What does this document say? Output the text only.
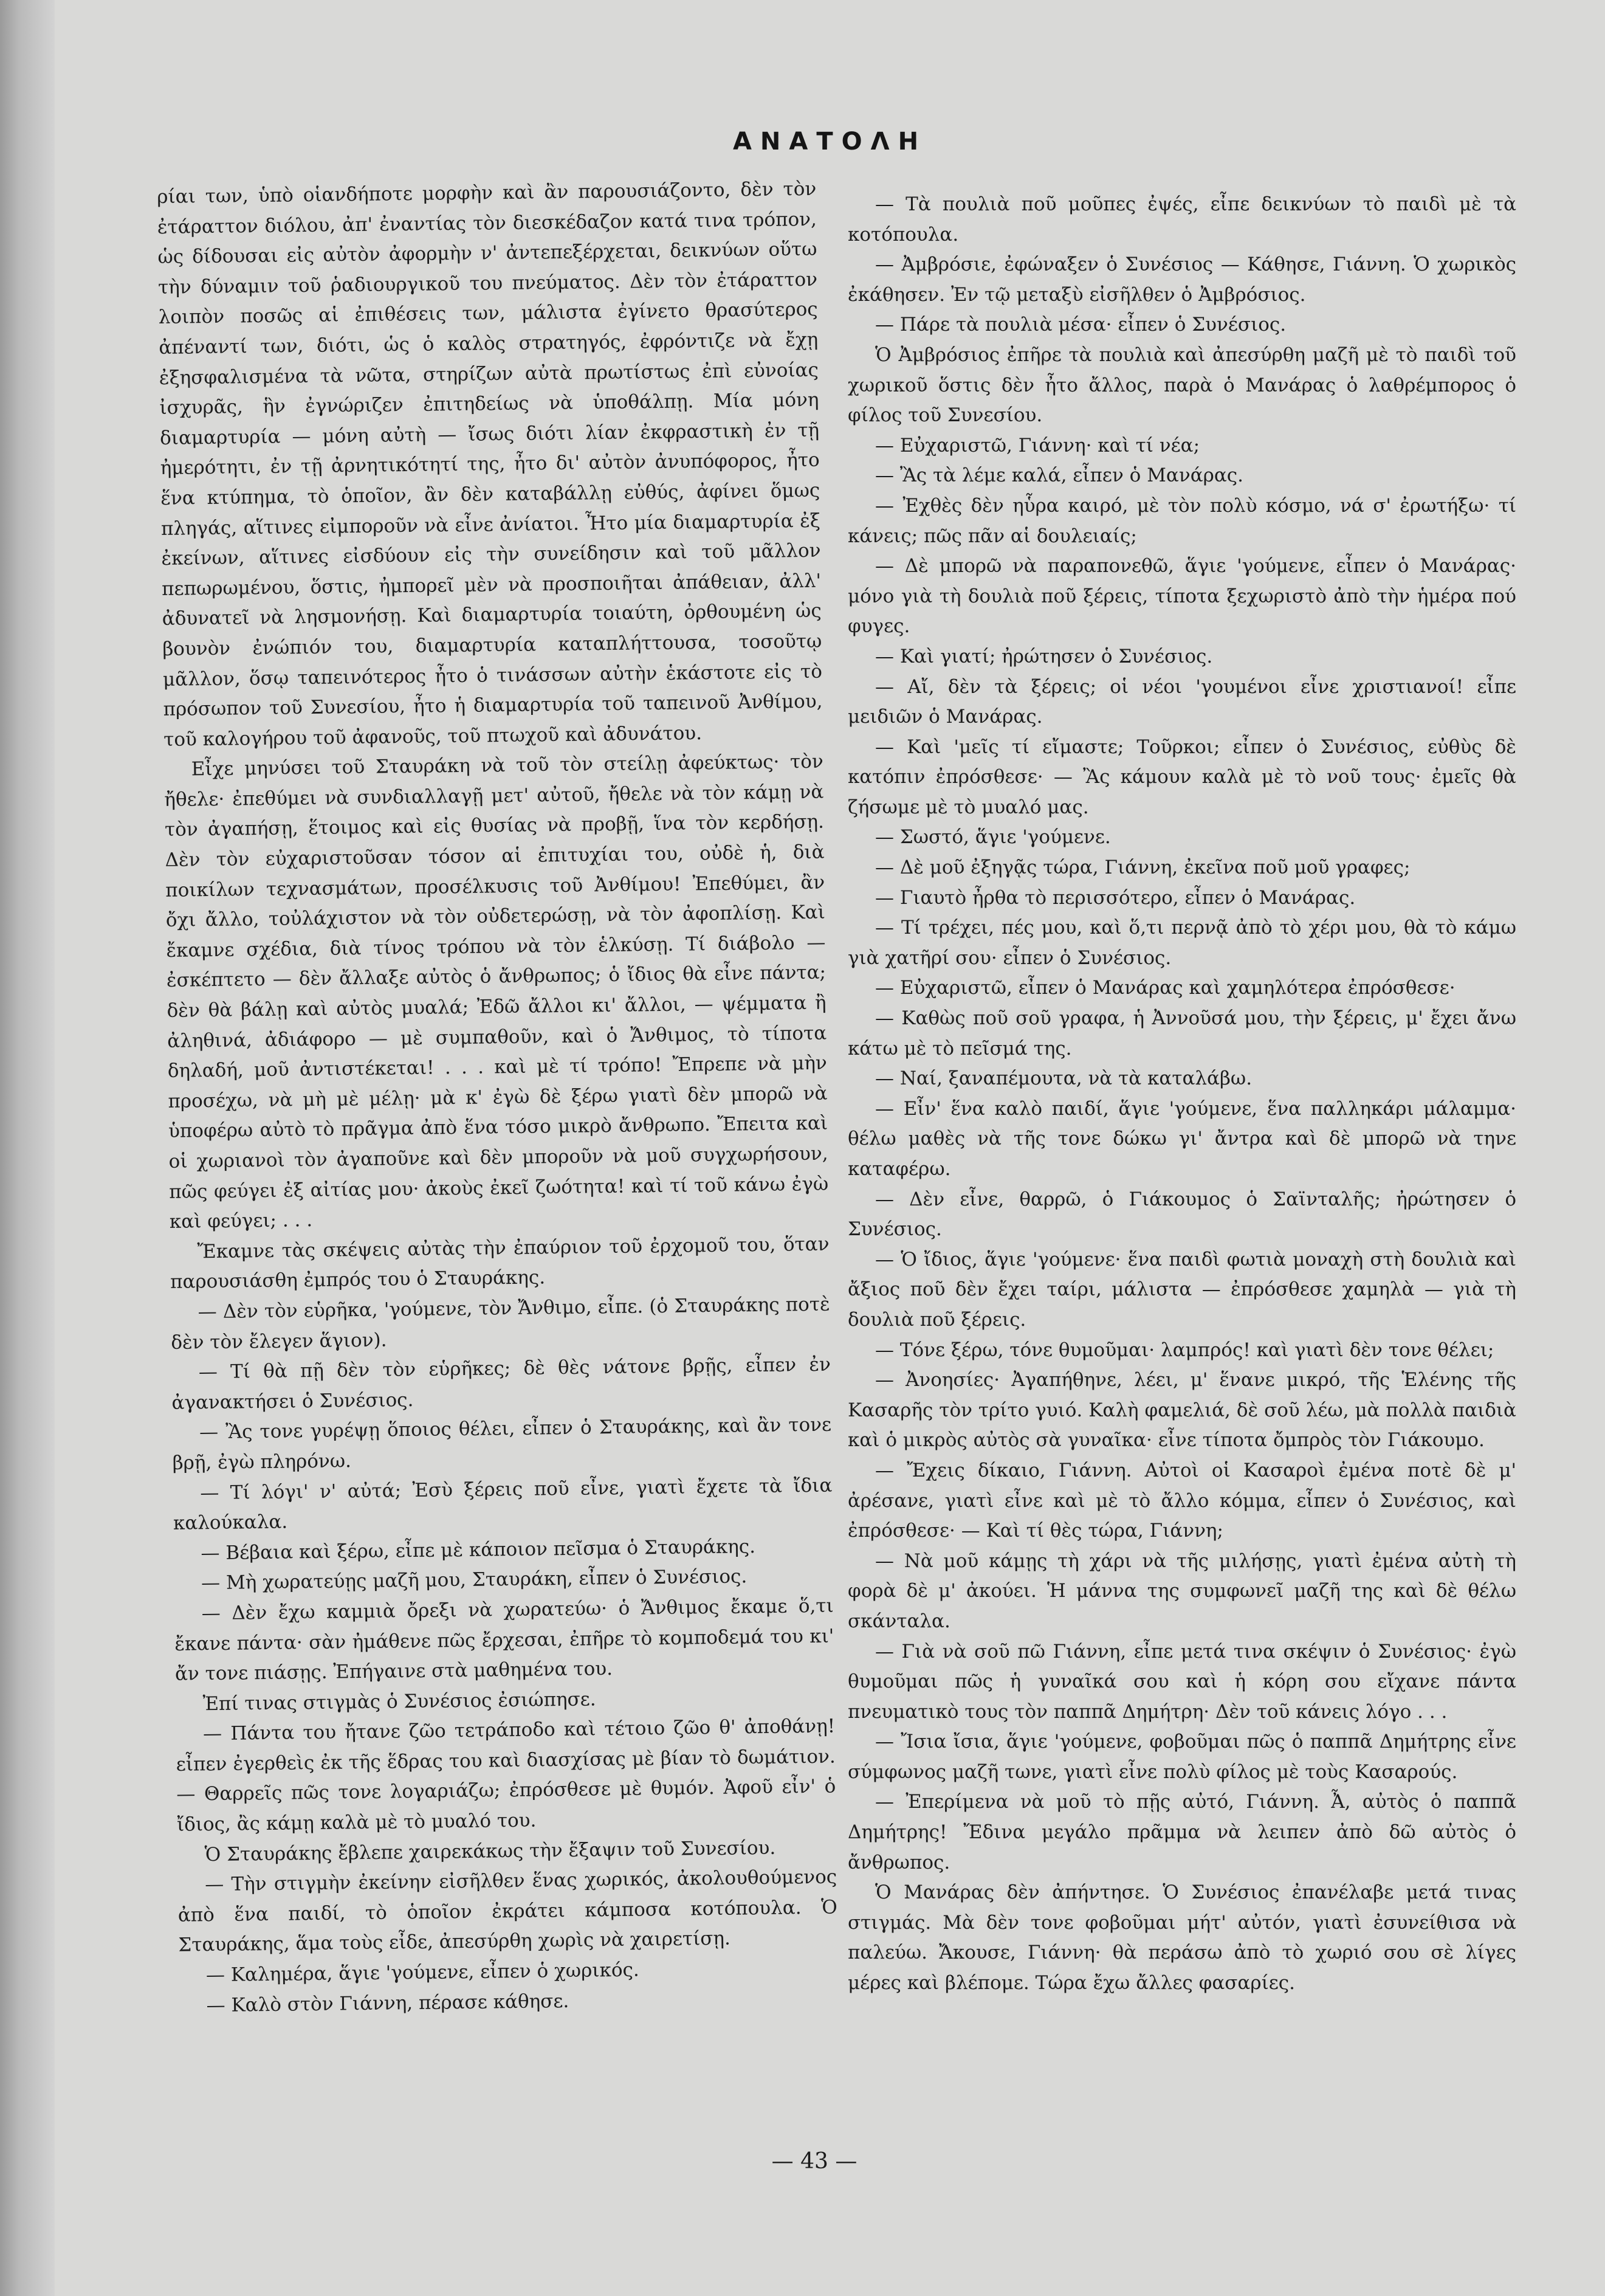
ΑΝΑΤΟΛΗ

ρίαι των, ὑπὸ οἱανδήποτε μορφὴν καὶ ἂν παρουσιάζοντο, δὲν τὸν ἐτάραττον διόλου, ἀπ' ἐναντίας τὸν διεσκέδαζον κατά τινα τρόπον, ὡς δίδουσαι εἰς αὐτὸν ἀφορμὴν ν' ἀντεπεξέρχεται, δεικνύων οὕτω τὴν δύναμιν τοῦ ῥαδιουργικοῦ του πνεύματος. Δὲν τὸν ἐτάραττον λοιπὸν ποσῶς αἱ ἐπιθέσεις των, μάλιστα ἐγίνετο θρασύτερος ἀπέναντί των, διότι, ὡς ὁ καλὸς στρατηγός, ἐφρόντιζε νὰ ἔχῃ ἐξησφαλισμένα τὰ νῶτα, στηρίζων αὐτὰ πρωτίστως ἐπὶ εὐνοίας ἰσχυρᾶς, ἣν ἐγνώριζεν ἐπιτηδείως νὰ ὑποθάλπῃ. Μία μόνη διαμαρτυρία — μόνη αὐτὴ — ἴσως διότι λίαν ἐκφραστικὴ ἐν τῇ ἠμερότητι, ἐν τῇ ἀρνητικότητί της, ἦτο δι' αὐτὸν ἀνυπόφορος, ἦτο ἕνα κτύπημα, τὸ ὁποῖον, ἂν δὲν καταβάλλῃ εὐθύς, ἀφίνει ὅμως πληγάς, αἵτινες εἰμποροῦν νὰ εἶνε ἀνίατοι. Ἦτο μία διαμαρτυρία ἐξ ἐκείνων, αἵτινες εἰσδύουν εἰς τὴν συνείδησιν καὶ τοῦ μᾶλλον πεπωρωμένου, ὅστις, ἠμπορεῖ μὲν νὰ προσποιῆται ἀπάθειαν, ἀλλ' ἀδυνατεῖ νὰ λησμονήσῃ. Καὶ διαμαρτυρία τοιαύτη, ὀρθουμένη ὡς βουνὸν ἐνώπιόν του, διαμαρτυρία καταπλήττουσα, τοσοῦτῳ μᾶλλον, ὅσῳ ταπεινότερος ἦτο ὁ τινάσσων αὐτὴν ἑκάστοτε εἰς τὸ πρόσωπον τοῦ Συνεσίου, ἦτο ἡ διαμαρτυρία τοῦ ταπεινοῦ Ἀνθίμου, τοῦ καλογήρου τοῦ ἀφανοῦς, τοῦ πτωχοῦ καὶ ἀδυνάτου.

Εἶχε μηνύσει τοῦ Σταυράκη νὰ τοῦ τὸν στείλῃ ἀφεύκτως· τὸν ἤθελε· ἐπεθύμει νὰ συνδιαλλαγῇ μετ' αὐτοῦ, ἤθελε νὰ τὸν κάμῃ νὰ τὸν ἀγαπήσῃ, ἕτοιμος καὶ εἰς θυσίας νὰ προβῇ, ἵνα τὸν κερδήσῃ. Δὲν τὸν εὐχαριστοῦσαν τόσον αἱ ἐπιτυχίαι του, οὐδὲ ἡ, διὰ ποικίλων τεχνασμάτων, προσέλκυσις τοῦ Ἀνθίμου! Ἐπεθύμει, ἂν ὄχι ἄλλο, τοὐλάχιστον νὰ τὸν οὐδετερώσῃ, νὰ τὸν ἀφοπλίσῃ. Καὶ ἔκαμνε σχέδια, διὰ τίνος τρόπου νὰ τὸν ἑλκύσῃ. Τί διάβολο — ἐσκέπτετο — δὲν ἄλλαξε αὐτὸς ὁ ἄνθρωπος; ὁ ἴδιος θὰ εἶνε πάντα; δὲν θὰ βάλῃ καὶ αὐτὸς μυαλά; Ἐδῶ ἄλλοι κι' ἄλλοι, — ψέμματα ἢ ἀληθινά, ἀδιάφορο — μὲ συμπαθοῦν, καὶ ὁ Ἄνθιμος, τὸ τίποτα δηλαδή, μοῦ ἀντιστέκεται! . . . καὶ μὲ τί τρόπο! Ἔπρεπε νὰ μὴν προσέχω, νὰ μὴ μὲ μέλῃ· μὰ κ' ἐγὼ δὲ ξέρω γιατὶ δὲν μπορῶ νὰ ὑποφέρω αὐτὸ τὸ πρᾶγμα ἀπὸ ἕνα τόσο μικρὸ ἄνθρωπο. Ἔπειτα καὶ οἱ χωριανοὶ τὸν ἀγαποῦνε καὶ δὲν μποροῦν νὰ μοῦ συγχωρήσουν, πῶς φεύγει ἐξ αἰτίας μου· ἀκοὺς ἐκεῖ ζωότητα! καὶ τί τοῦ κάνω ἐγὼ καὶ φεύγει; . . .

Ἔκαμνε τὰς σκέψεις αὐτὰς τὴν ἐπαύριον τοῦ ἐρχομοῦ του, ὅταν παρουσιάσθη ἐμπρός του ὁ Σταυράκης.

— Δὲν τὸν εὑρῆκα, 'γούμενε, τὸν Ἄνθιμο, εἶπε. (ὁ Σταυράκης ποτὲ δὲν τὸν ἔλεγεν ἅγιον).

— Τί θὰ πῇ δὲν τὸν εὑρῆκες; δὲ θὲς νάτονε βρῇς, εἶπεν ἐν ἀγανακτήσει ὁ Συνέσιος.

— Ἂς τονε γυρέψῃ ὅποιος θέλει, εἶπεν ὁ Σταυράκης, καὶ ἂν τονε βρῇ, ἐγὼ πληρόνω.

— Τί λόγι' ν' αὐτά; Ἐσὺ ξέρεις ποῦ εἶνε, γιατὶ ἔχετε τὰ ἴδια καλούκαλα.

— Βέβαια καὶ ξέρω, εἶπε μὲ κάποιον πεῖσμα ὁ Σταυράκης.

— Μὴ χωρατεύῃς μαζῆ μου, Σταυράκη, εἶπεν ὁ Συνέσιος.

— Δὲν ἔχω καμμιὰ ὄρεξι νὰ χωρατεύω· ὁ Ἄνθιμος ἔκαμε ὅ,τι ἔκανε πάντα· σὰν ἠμάθενε πῶς ἔρχεσαι, ἐπῆρε τὸ κομποδεμά του κι' ἄν τονε πιάσῃς. Ἐπήγαινε στὰ μαθημένα του.

Ἐπί τινας στιγμὰς ὁ Συνέσιος ἐσιώπησε.

— Πάντα του ἤτανε ζῶο τετράποδο καὶ τέτοιο ζῶο θ' ἀποθάνῃ! εἶπεν ἐγερθεὶς ἐκ τῆς ἕδρας του καὶ διασχίσας μὲ βίαν τὸ δωμάτιον. — Θαρρεῖς πῶς τονε λογαριάζω; ἐπρόσθεσε μὲ θυμόν. Ἀφοῦ εἶν' ὁ ἴδιος, ἂς κάμῃ καλὰ μὲ τὸ μυαλό του.

Ὁ Σταυράκης ἔβλεπε χαιρεκάκως τὴν ἔξαψιν τοῦ Συνεσίου.

— Τὴν στιγμὴν ἐκείνην εἰσῆλθεν ἕνας χωρικός, ἀκολουθούμενος ἀπὸ ἕνα παιδί, τὸ ὁποῖον ἐκράτει κάμποσα κοτόπουλα. Ὁ Σταυράκης, ἅμα τοὺς εἶδε, ἀπεσύρθη χωρὶς νὰ χαιρετίσῃ.

— Καλημέρα, ἅγιε 'γούμενε, εἶπεν ὁ χωρικός.

— Καλὸ στὸν Γιάννη, πέρασε κάθησε.

— Τὰ πουλιὰ ποῦ μοῦπες ἐψές, εἶπε δεικνύων τὸ παιδὶ μὲ τὰ κοτόπουλα.

— Ἀμβρόσιε, ἐφώναξεν ὁ Συνέσιος — Κάθησε, Γιάννη. Ὁ χωρικὸς ἐκάθησεν. Ἐν τῷ μεταξὺ εἰσῆλθεν ὁ Ἀμβρόσιος.

— Πάρε τὰ πουλιὰ μέσα· εἶπεν ὁ Συνέσιος.

Ὁ Ἀμβρόσιος ἐπῆρε τὰ πουλιὰ καὶ ἀπεσύρθη μαζῆ μὲ τὸ παιδὶ τοῦ χωρικοῦ ὅστις δὲν ἦτο ἄλλος, παρὰ ὁ Μανάρας ὁ λαθρέμπορος ὁ φίλος τοῦ Συνεσίου.

— Εὐχαριστῶ, Γιάννη· καὶ τί νέα;

— Ἂς τὰ λέμε καλά, εἶπεν ὁ Μανάρας.

— Ἐχθὲς δὲν ηὗρα καιρό, μὲ τὸν πολὺ κόσμο, νά σ' ἐρωτήξω· τί κάνεις; πῶς πᾶν αἱ δουλειαίς;

— Δὲ μπορῶ νὰ παραπονεθῶ, ἅγιε 'γούμενε, εἶπεν ὁ Μανάρας· μόνο γιὰ τὴ δουλιὰ ποῦ ξέρεις, τίποτα ξεχωριστὸ ἀπὸ τὴν ἡμέρα πού φυγες.

— Καὶ γιατί; ἠρώτησεν ὁ Συνέσιος.

— Αἴ, δὲν τὰ ξέρεις; οἱ νέοι 'γουμένοι εἶνε χριστιανοί! εἶπε μειδιῶν ὁ Μανάρας.

— Καὶ 'μεῖς τί εἴμαστε; Τοῦρκοι; εἶπεν ὁ Συνέσιος, εὐθὺς δὲ κατόπιν ἐπρόσθεσε· — Ἂς κάμουν καλὰ μὲ τὸ νοῦ τους· ἐμεῖς θὰ ζήσωμε μὲ τὸ μυαλό μας.

— Σωστό, ἅγιε 'γούμενε.

— Δὲ μοῦ ἐξηγᾷς τώρα, Γιάννη, ἐκεῖνα ποῦ μοῦ γραφες;

— Γιαυτὸ ἦρθα τὸ περισσότερο, εἶπεν ὁ Μανάρας.

— Τί τρέχει, πές μου, καὶ ὅ,τι περνᾷ ἀπὸ τὸ χέρι μου, θὰ τὸ κάμω γιὰ χατῆρί σου· εἶπεν ὁ Συνέσιος.

— Εὐχαριστῶ, εἶπεν ὁ Μανάρας καὶ χαμηλότερα ἐπρόσθεσε·

— Καθὼς ποῦ σοῦ γραφα, ἡ Ἀννοῦσά μου, τὴν ξέρεις, μ' ἔχει ἄνω κάτω μὲ τὸ πεῖσμά της.

— Ναί, ξαναπέμουτα, νὰ τὰ καταλάβω.

— Εἶν' ἕνα καλὸ παιδί, ἅγιε 'γούμενε, ἕνα παλληκάρι μάλαμμα· θέλω μαθὲς νὰ τῆς τονε δώκω γι' ἄντρα καὶ δὲ μπορῶ νὰ τηνε καταφέρω.

— Δὲν εἶνε, θαρρῶ, ὁ Γιάκουμος ὁ Σαϊνταλῆς; ἠρώτησεν ὁ Συνέσιος.

— Ὁ ἴδιος, ἅγιε 'γούμενε· ἕνα παιδὶ φωτιὰ μοναχὴ στὴ δουλιὰ καὶ ἄξιος ποῦ δὲν ἔχει ταίρι, μάλιστα — ἐπρόσθεσε χαμηλὰ — γιὰ τὴ δουλιὰ ποῦ ξέρεις.

— Τόνε ξέρω, τόνε θυμοῦμαι· λαμπρός! καὶ γιατὶ δὲν τονε θέλει;

— Ἀνοησίες· Ἀγαπήθηνε, λέει, μ' ἕνανε μικρό, τῆς Ἑλένης τῆς Κασαρῆς τὸν τρίτο γυιό. Καλὴ φαμελιά, δὲ σοῦ λέω, μὰ πολλὰ παιδιὰ καὶ ὁ μικρὸς αὐτὸς σὰ γυναῖκα· εἶνε τίποτα ὄμπρὸς τὸν Γιάκουμο.

— Ἔχεις δίκαιο, Γιάννη. Αὐτοὶ οἱ Κασαροὶ ἐμένα ποτὲ δὲ μ' ἀρέσανε, γιατὶ εἶνε καὶ μὲ τὸ ἄλλο κόμμα, εἶπεν ὁ Συνέσιος, καὶ ἐπρόσθεσε· — Καὶ τί θὲς τώρα, Γιάννη;

— Νὰ μοῦ κάμῃς τὴ χάρι νὰ τῆς μιλήσῃς, γιατὶ ἐμένα αὐτὴ τὴ φορὰ δὲ μ' ἀκούει. Ἡ μάννα της συμφωνεῖ μαζῆ της καὶ δὲ θέλω σκάνταλα.

— Γιὰ νὰ σοῦ πῶ Γιάννη, εἶπε μετά τινα σκέψιν ὁ Συνέσιος· ἐγὼ θυμοῦμαι πῶς ἡ γυναῖκά σου καὶ ἡ κόρη σου εἴχανε πάντα πνευματικὸ τους τὸν παππᾶ Δημήτρη· Δὲν τοῦ κάνεις λόγο . . .

— Ἴσια ἴσια, ἅγιε 'γούμενε, φοβοῦμαι πῶς ὁ παππᾶ Δημήτρης εἶνε σύμφωνος μαζῆ τωνε, γιατὶ εἶνε πολὺ φίλος μὲ τοὺς Κασαρούς.

— Ἐπερίμενα νὰ μοῦ τὸ πῇς αὐτό, Γιάννη. Ἆ, αὐτὸς ὁ παππᾶ Δημήτρης! Ἔδινα μεγάλο πρᾶμμα νὰ λειπεν ἀπὸ δῶ αὐτὸς ὁ ἄνθρωπος.

Ὁ Μανάρας δὲν ἀπήντησε. Ὁ Συνέσιος ἐπανέλαβε μετά τινας στιγμάς. Μὰ δὲν τονε φοβοῦμαι μήτ' αὐτόν, γιατὶ ἐσυνείθισα νὰ παλεύω. Ἄκουσε, Γιάννη· θὰ περάσω ἀπὸ τὸ χωριό σου σὲ λίγες μέρες καὶ βλέπομε. Τώρα ἔχω ἄλλες φασαρίες.

— 43 —
